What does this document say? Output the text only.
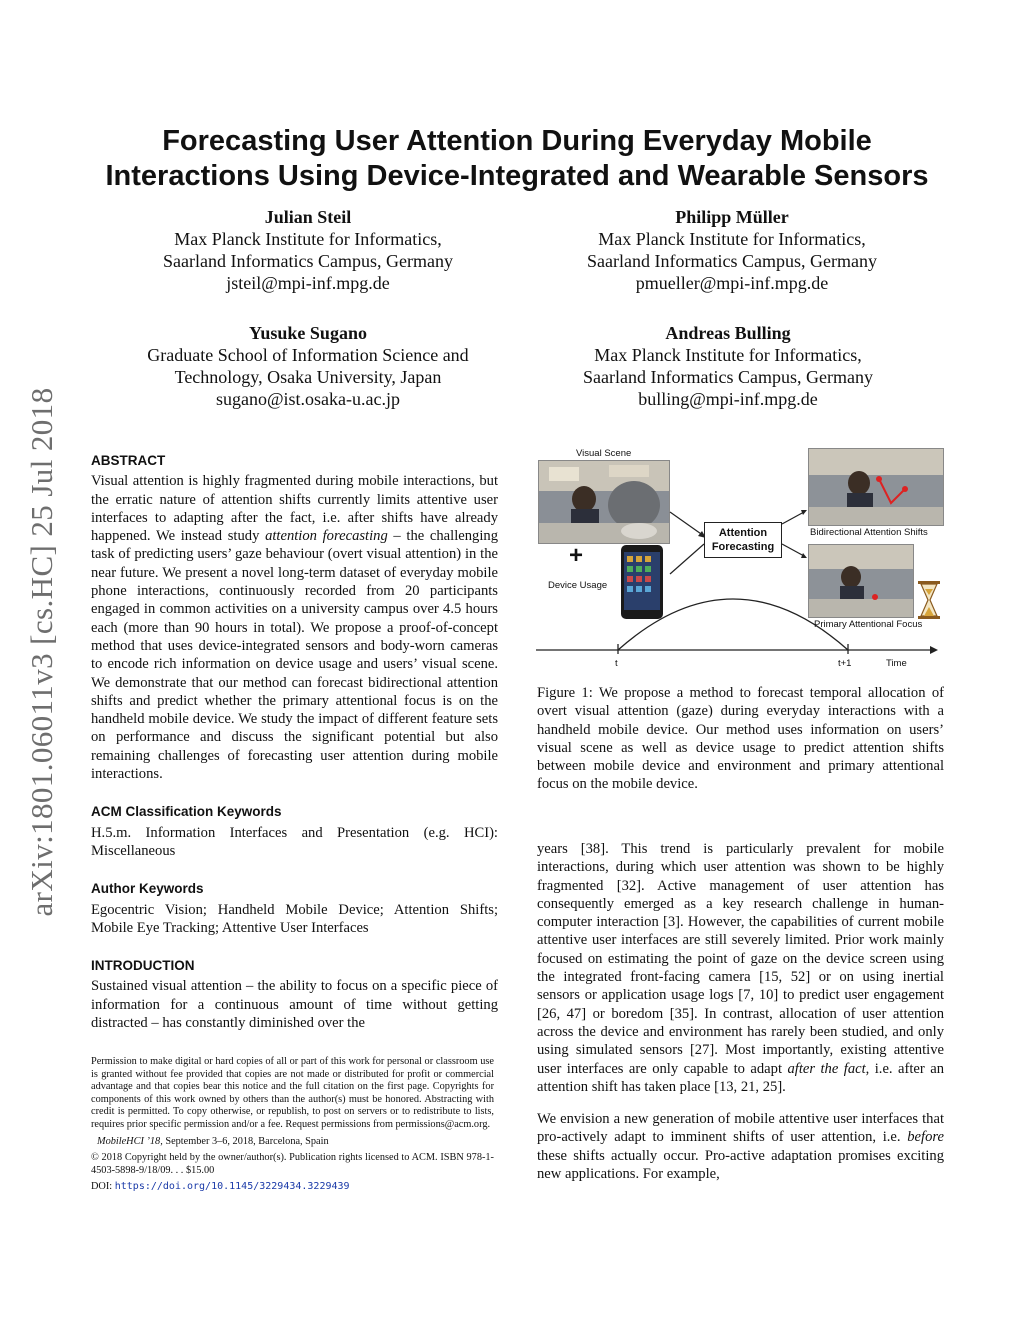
arXiv:1801.06011v3 [cs.HC] 25 Jul 2018
Forecasting User Attention During Everyday Mobile
Interactions Using Device-Integrated and Wearable Sensors
Julian Steil
Max Planck Institute for Informatics,
Saarland Informatics Campus, Germany
jsteil@mpi-inf.mpg.de
Philipp Müller
Max Planck Institute for Informatics,
Saarland Informatics Campus, Germany
pmueller@mpi-inf.mpg.de
Yusuke Sugano
Graduate School of Information Science and
Technology, Osaka University, Japan
sugano@ist.osaka-u.ac.jp
Andreas Bulling
Max Planck Institute for Informatics,
Saarland Informatics Campus, Germany
bulling@mpi-inf.mpg.de
ABSTRACT

Visual attention is highly fragmented during mobile interactions, but the erratic nature of attention shifts currently limits attentive user interfaces to adapting after the fact, i.e. after shifts have already happened. We instead study attention forecasting – the challenging task of predicting users’ gaze behaviour (overt visual attention) in the near future. We present a novel long-term dataset of everyday mobile phone interactions, continuously recorded from 20 participants engaged in common activities on a university campus over 4.5 hours each (more than 90 hours in total). We propose a proof-of-concept method that uses device-integrated sensors and body-worn cameras to encode rich information on device usage and users’ visual scene. We demonstrate that our method can forecast bidirectional attention shifts and predict whether the primary attentional focus is on the handheld mobile device. We study the impact of different feature sets on performance and discuss the significant potential but also remaining challenges of forecasting user attention during mobile interactions.

ACM Classification Keywords

H.5.m. Information Interfaces and Presentation (e.g. HCI): Miscellaneous

Author Keywords

Egocentric Vision; Handheld Mobile Device; Attention Shifts; Mobile Eye Tracking; Attentive User Interfaces

INTRODUCTION

Sustained visual attention – the ability to focus on a specific piece of information for a continuous amount of time without getting distracted – has constantly diminished over the

Permission to make digital or hard copies of all or part of this work for personal or classroom use is granted without fee provided that copies are not made or distributed for profit or commercial advantage and that copies bear this notice and the full citation on the first page. Copyrights for components of this work owned by others than the author(s) must be honored. Abstracting with credit is permitted. To copy otherwise, or republish, to post on servers or to redistribute to lists, requires prior specific permission and/or a fee. Request permissions from permissions@acm.org.

MobileHCI ’18, September 3–6, 2018, Barcelona, Spain

© 2018 Copyright held by the owner/author(s). Publication rights licensed to ACM. ISBN 978-1-4503-5898-9/18/09. . . $15.00

DOI: https://doi.org/10.1145/3229434.3229439

Visual Scene
+
Device Usage
Attention
Forecasting
Bidirectional Attention Shifts
Primary Attentional Focus
t	t+1	Time
Figure 1: We propose a method to forecast temporal allocation of overt visual attention (gaze) during everyday interactions with a handheld mobile device. Our method uses information on users’ visual scene as well as device usage to predict attention shifts between mobile device and environment and primary attentional focus on the mobile device.

years [38]. This trend is particularly prevalent for mobile interactions, during which user attention was shown to be highly fragmented [32]. Active management of user attention has consequently emerged as a key research challenge in human-computer interaction [3]. However, the capabilities of current mobile attentive user interfaces are still severely limited. Prior work mainly focused on estimating the point of gaze on the device screen using the integrated front-facing camera [15, 52] or on using inertial sensors or application usage logs [7, 10] to predict user engagement [26, 47] or boredom [35]. In contrast, allocation of user attention across the device and environment has rarely been studied, and only using simulated sensors [27]. Most importantly, existing attentive user interfaces are only capable to adapt after the fact, i.e. after an attention shift has taken place [13, 21, 25].

We envision a new generation of mobile attentive user interfaces that pro-actively adapt to imminent shifts of user attention, i.e. before these shifts actually occur. Pro-active adaptation promises exciting new applications. For example,
